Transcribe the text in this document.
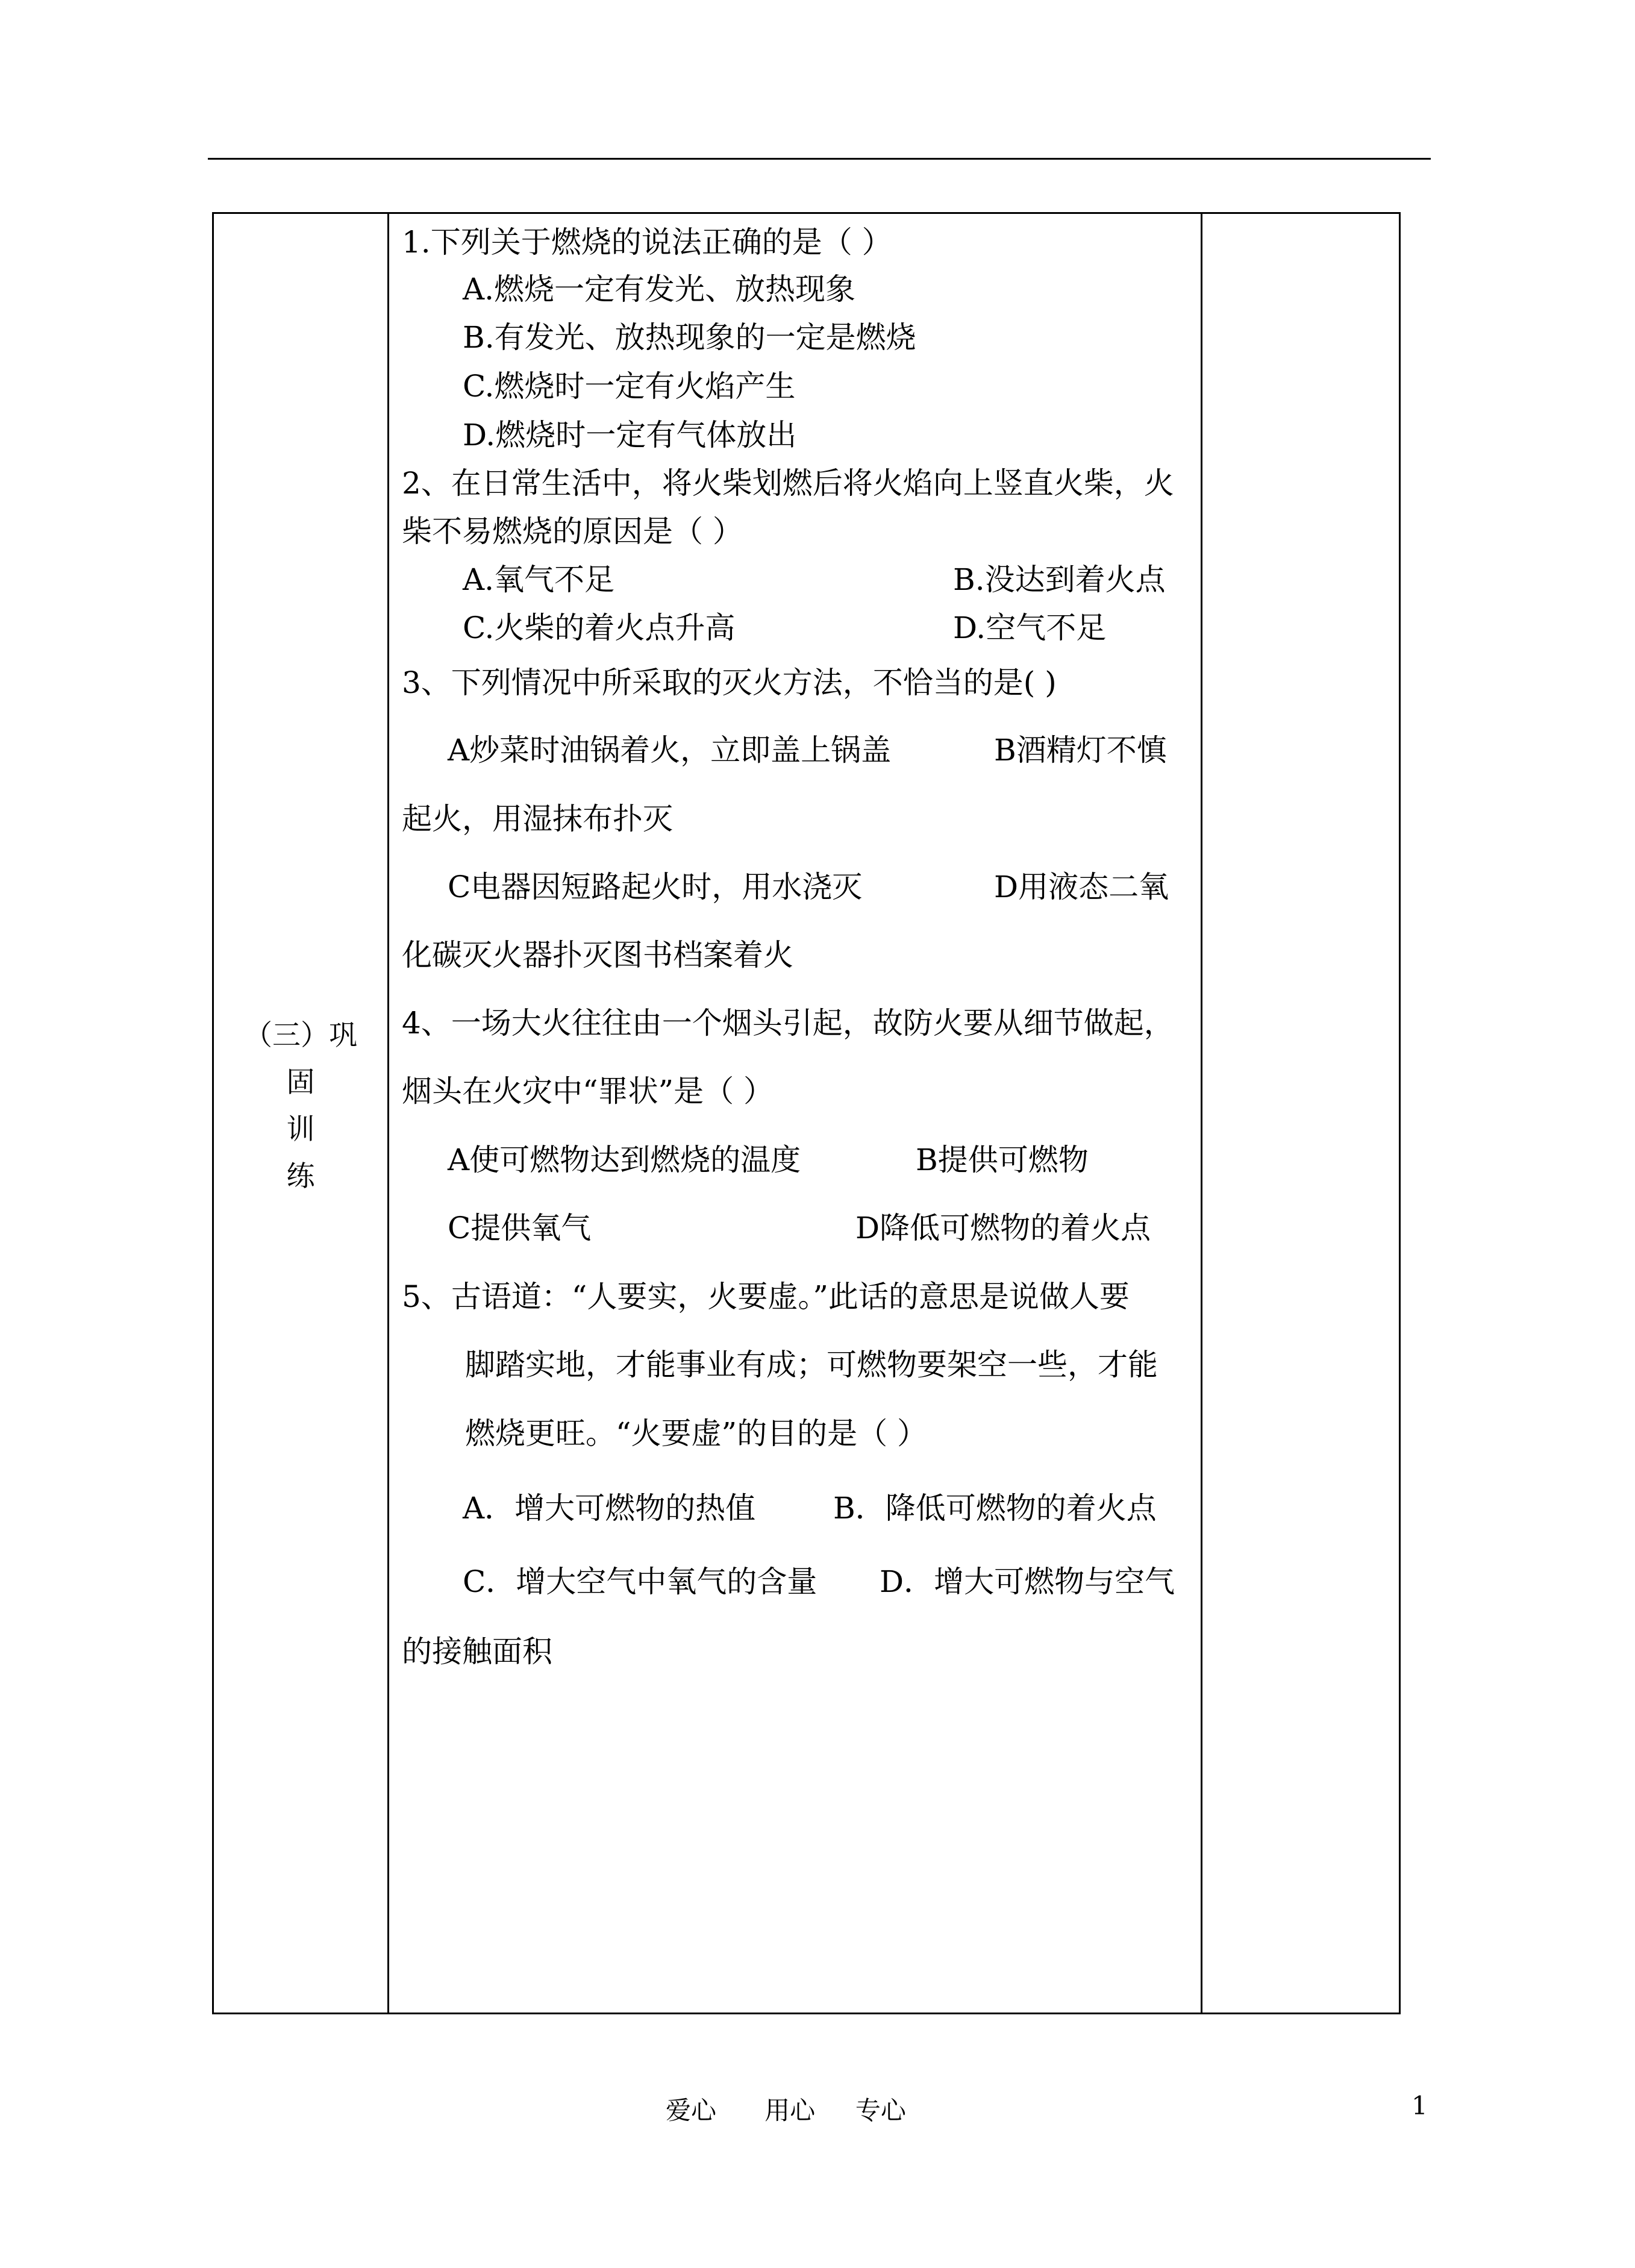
（三）巩
固
训
练
1.下列关于燃烧的说法正确的是（ ）
A.燃烧一定有发光、放热现象
B.有发光、放热现象的一定是燃烧
C.燃烧时一定有火焰产生
D.燃烧时一定有气体放出
2、在日常生活中，将火柴划燃后将火焰向上竖直火柴，火
柴不易燃烧的原因是（ ）
A.氧气不足	B.没达到着火点
C.火柴的着火点升高	D.空气不足
3、下列情况中所采取的灭火方法，不恰当的是( )
A炒菜时油锅着火，立即盖上锅盖	B酒精灯不慎
起火，用湿抹布扑灭
C电器因短路起火时，用水浇灭	D用液态二氧
化碳灭火器扑灭图书档案着火
4、一场大火往往由一个烟头引起，故防火要从细节做起，
烟头在火灾中“罪状”是（ ）
A使可燃物达到燃烧的温度	B提供可燃物
C提供氧气	D降低可燃物的着火点
5、古语道：“人要实，火要虚。”此话的意思是说做人要
脚踏实地，才能事业有成；可燃物要架空一些，才能
燃烧更旺。“火要虚”的目的是（ ）
A．增大可燃物的热值	B．降低可燃物的着火点
C．增大空气中氧气的含量 D．增大可燃物与空气
的接触面积
爱心      用心     专心	1
